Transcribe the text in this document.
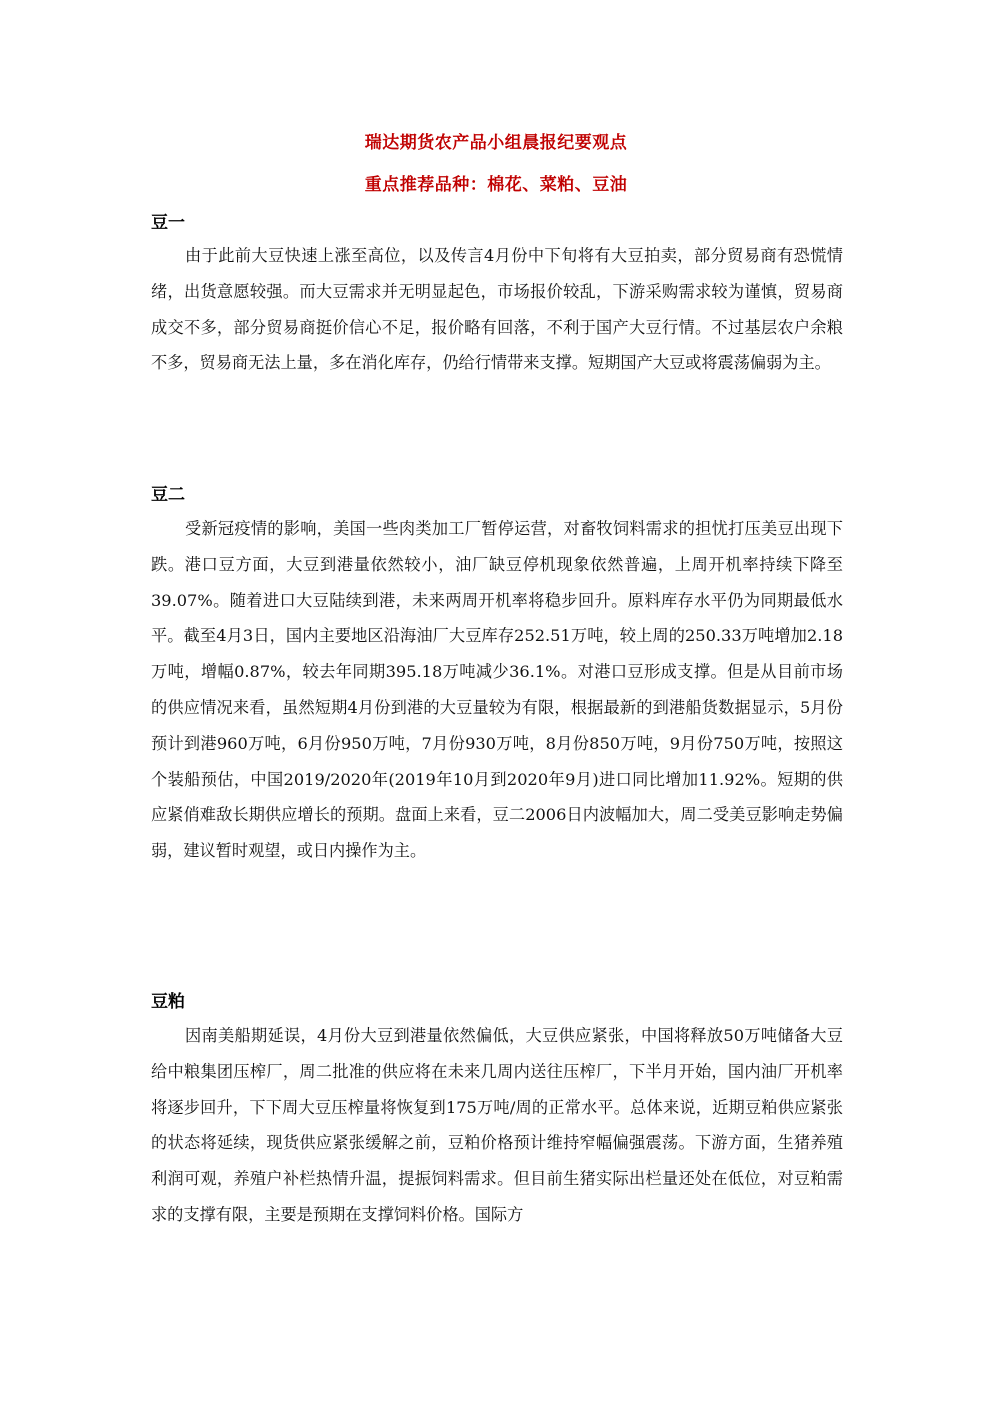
瑞达期货农产品小组晨报纪要观点
重点推荐品种：棉花、菜粕、豆油
豆一

由于此前大豆快速上涨至高位，以及传言4月份中下旬将有大豆拍卖，部分贸易商有恐慌情绪，出货意愿较强。而大豆需求并无明显起色，市场报价较乱，下游采购需求较为谨慎，贸易商成交不多，部分贸易商挺价信心不足，报价略有回落，不利于国产大豆行情。不过基层农户余粮不多，贸易商无法上量，多在消化库存，仍给行情带来支撑。短期国产大豆或将震荡偏弱为主。

豆二

受新冠疫情的影响，美国一些肉类加工厂暂停运营，对畜牧饲料需求的担忧打压美豆出现下跌。港口豆方面，大豆到港量依然较小，油厂缺豆停机现象依然普遍，上周开机率持续下降至39.07%。随着进口大豆陆续到港，未来两周开机率将稳步回升。原料库存水平仍为同期最低水平。截至4月3日，国内主要地区沿海油厂大豆库存252.51万吨，较上周的250.33万吨增加2.18万吨，增幅0.87%，较去年同期395.18万吨减少36.1%。对港口豆形成支撑。但是从目前市场的供应情况来看，虽然短期4月份到港的大豆量较为有限，根据最新的到港船货数据显示，5月份预计到港960万吨，6月份950万吨，7月份930万吨，8月份850万吨，9月份750万吨，按照这个装船预估，中国2019/2020年(2019年10月到2020年9月)进口同比增加11.92%。短期的供应紧俏难敌长期供应增长的预期。盘面上来看，豆二2006日内波幅加大，周二受美豆影响走势偏弱，建议暂时观望，或日内操作为主。

豆粕

因南美船期延误，4月份大豆到港量依然偏低，大豆供应紧张，中国将释放50万吨储备大豆给中粮集团压榨厂，周二批准的供应将在未来几周内送往压榨厂，下半月开始，国内油厂开机率将逐步回升，下下周大豆压榨量将恢复到175万吨/周的正常水平。总体来说，近期豆粕供应紧张的状态将延续，现货供应紧张缓解之前，豆粕价格预计维持窄幅偏强震荡。下游方面，生猪养殖利润可观，养殖户补栏热情升温，提振饲料需求。但目前生猪实际出栏量还处在低位，对豆粕需求的支撑有限，主要是预期在支撑饲料价格。国际方
